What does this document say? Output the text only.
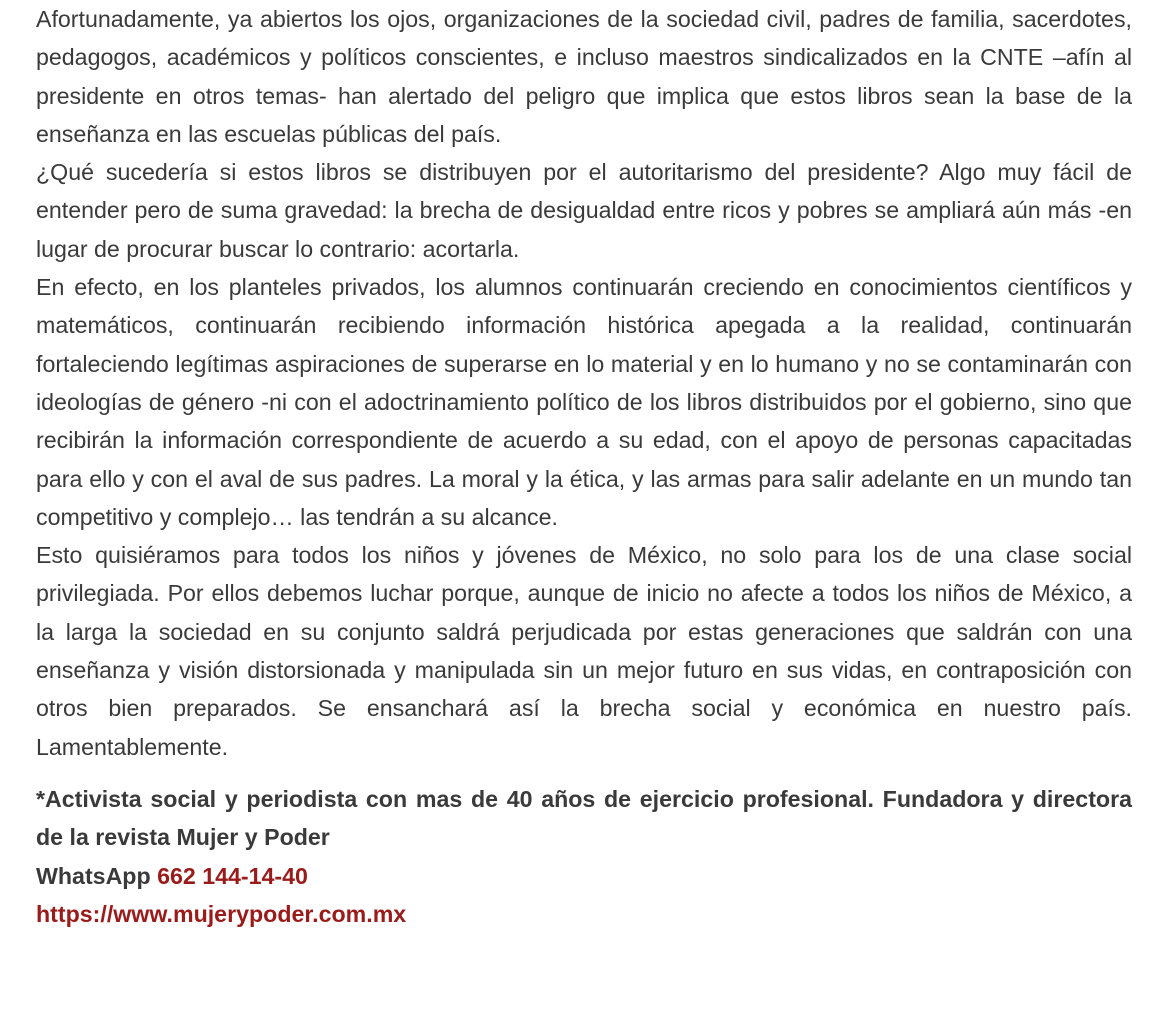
Afortunadamente, ya abiertos los ojos, organizaciones de la sociedad civil, padres de familia, sacerdotes, pedagogos, académicos y políticos conscientes, e incluso maestros sindicalizados en la CNTE –afín al presidente en otros temas- han alertado del peligro que implica que estos libros sean la base de la enseñanza en las escuelas públicas del país.

¿Qué sucedería si estos libros se distribuyen por el autoritarismo del presidente? Algo muy fácil de entender pero de suma gravedad: la brecha de desigualdad entre ricos y pobres se ampliará aún más -en lugar de procurar buscar lo contrario: acortarla.

En efecto, en los planteles privados, los alumnos continuarán creciendo en conocimientos científicos y matemáticos, continuarán recibiendo información histórica apegada a la realidad, continuarán fortaleciendo legítimas aspiraciones de superarse en lo material y en lo humano y no se contaminarán con ideologías de género -ni con el adoctrinamiento político de los libros distribuidos por el gobierno, sino que recibirán la información correspondiente de acuerdo a su edad, con el apoyo de personas capacitadas para ello y con el aval de sus padres. La moral y la ética, y las armas para salir adelante en un mundo tan competitivo y complejo… las tendrán a su alcance.

Esto quisiéramos para todos los niños y jóvenes de México, no solo para los de una clase social privilegiada. Por ellos debemos luchar porque, aunque de inicio no afecte a todos los niños de México, a la larga la sociedad en su conjunto saldrá perjudicada por estas generaciones que saldrán con una enseñanza y visión distorsionada y manipulada sin un mejor futuro en sus vidas, en contraposición con otros bien preparados. Se ensanchará así la brecha social y económica en nuestro país. Lamentablemente.

*Activista social y periodista con mas de 40 años de ejercicio profesional. Fundadora y directora de la revista Mujer y Poder

WhatsApp 662 144-14-40

https://www.mujerypoder.com.mx
